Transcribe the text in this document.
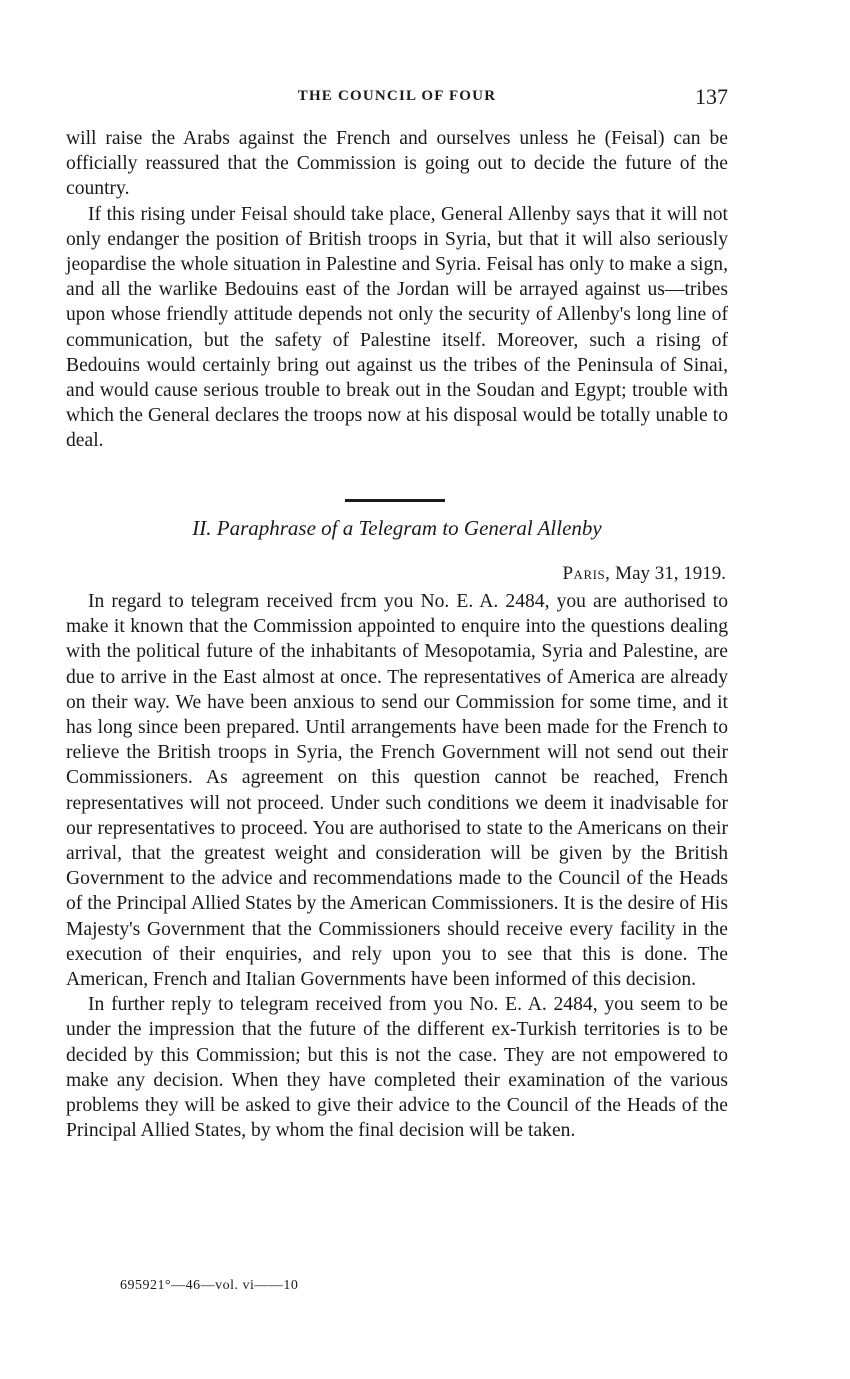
THE COUNCIL OF FOUR	137

will raise the Arabs against the French and ourselves unless he (Feisal) can be officially reassured that the Commission is going out to decide the future of the country.

If this rising under Feisal should take place, General Allenby says that it will not only endanger the position of British troops in Syria, but that it will also seriously jeopardise the whole situation in Palestine and Syria. Feisal has only to make a sign, and all the warlike Bedouins east of the Jordan will be arrayed against us—tribes upon whose friendly attitude depends not only the security of Allenby's long line of communication, but the safety of Palestine itself. Moreover, such a rising of Bedouins would certainly bring out against us the tribes of the Peninsula of Sinai, and would cause serious trouble to break out in the Soudan and Egypt; trouble with which the General declares the troops now at his disposal would be totally unable to deal.

II. Paraphrase of a Telegram to General Allenby
Paris, May 31, 1919.

In regard to telegram received frcm you No. E. A. 2484, you are authorised to make it known that the Commission appointed to enquire into the questions dealing with the political future of the inhabitants of Mesopotamia, Syria and Palestine, are due to arrive in the East almost at once. The representatives of America are already on their way. We have been anxious to send our Commission for some time, and it has long since been prepared. Until arrangements have been made for the French to relieve the British troops in Syria, the French Government will not send out their Commissioners. As agreement on this question cannot be reached, French representatives will not proceed. Under such conditions we deem it inadvisable for our representatives to proceed. You are authorised to state to the Americans on their arrival, that the greatest weight and consideration will be given by the British Government to the advice and recommendations made to the Council of the Heads of the Principal Allied States by the American Commissioners. It is the desire of His Majesty's Government that the Commissioners should receive every facility in the execution of their enquiries, and rely upon you to see that this is done. The American, French and Italian Governments have been informed of this decision.

In further reply to telegram received from you No. E. A. 2484, you seem to be under the impression that the future of the different ex-Turkish territories is to be decided by this Commission; but this is not the case. They are not empowered to make any decision. When they have completed their examination of the various problems they will be asked to give their advice to the Council of the Heads of the Principal Allied States, by whom the final decision will be taken.

695921°—46—vol. vi——10
